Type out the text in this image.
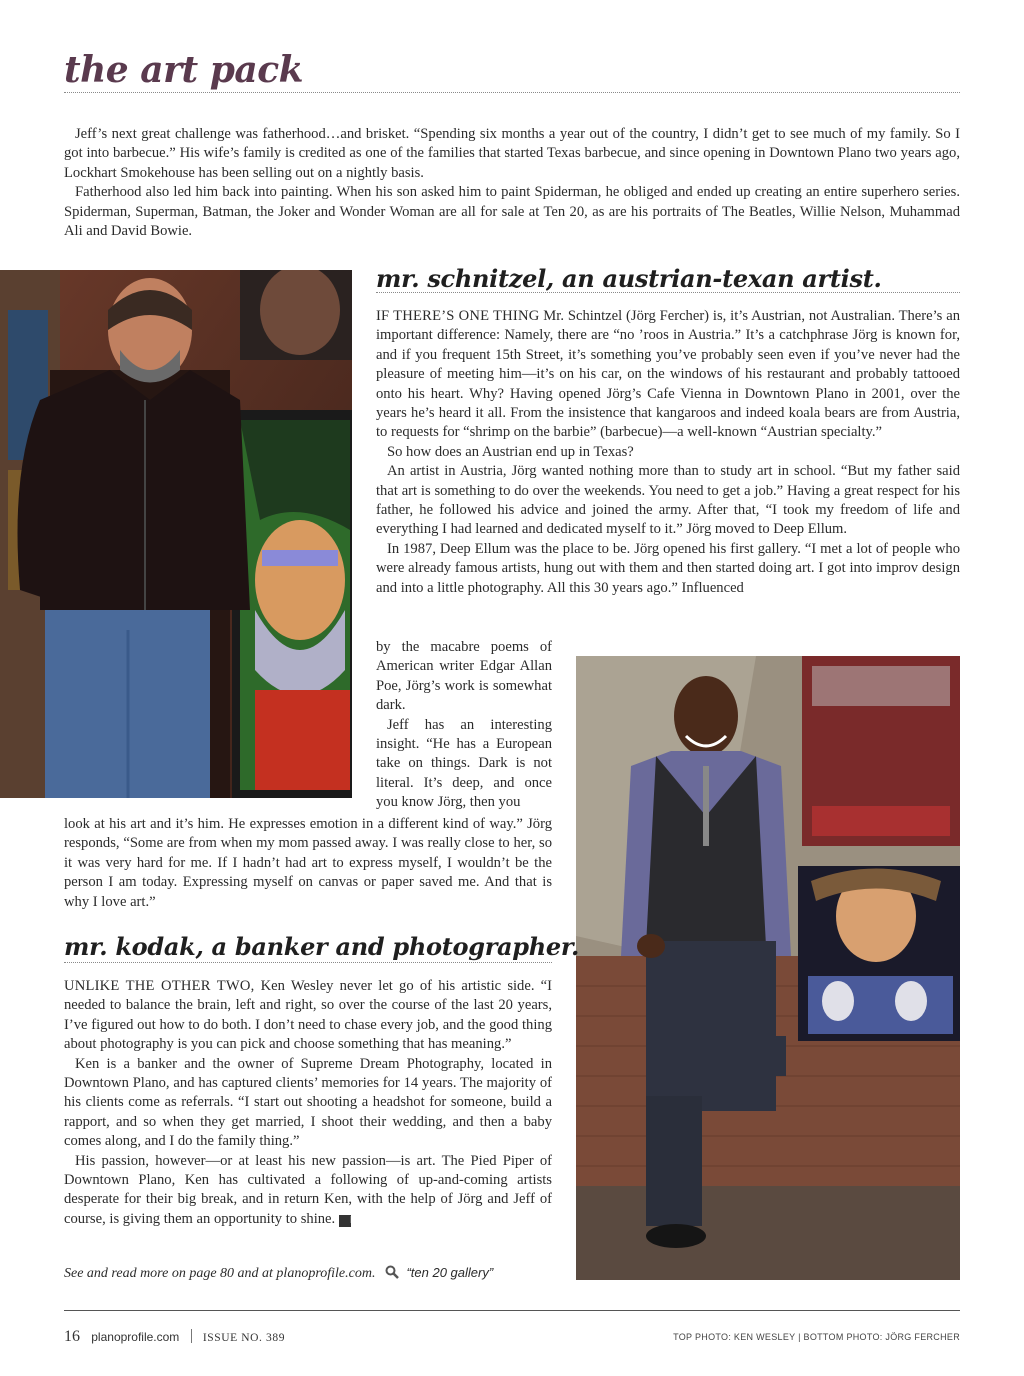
the art pack

Jeff’s next great challenge was fatherhood…and brisket. “Spending six months a year out of the country, I didn’t get to see much of my family. So I got into barbecue.” His wife’s family is credited as one of the families that started Texas barbecue, and since opening in Downtown Plano two years ago, Lockhart Smokehouse has been selling out on a nightly basis.

Fatherhood also led him back into painting. When his son asked him to paint Spiderman, he obliged and ended up creating an entire superhero series. Spiderman, Superman, Batman, the Joker and Wonder Woman are all for sale at Ten 20, as are his portraits of The Beatles, Willie Nelson, Muhammad Ali and David Bowie.

mr. schnitzel, an austrian-texan artist.

IF THERE’S ONE THING Mr. Schintzel (Jörg Fercher) is, it’s Austrian, not Australian. There’s an important difference: Namely, there are “no ’roos in Austria.” It’s a catchphrase Jörg is known for, and if you frequent 15th Street, it’s something you’ve probably seen even if you’ve never had the pleasure of meeting him—it’s on his car, on the windows of his restaurant and probably tattooed onto his heart. Why? Having opened Jörg’s Cafe Vienna in Downtown Plano in 2001, over the years he’s heard it all. From the insistence that kangaroos and indeed koala bears are from Austria, to requests for “shrimp on the barbie” (barbecue)—a well-known “Austrian specialty.”

So how does an Austrian end up in Texas?

An artist in Austria, Jörg wanted nothing more than to study art in school. “But my father said that art is something to do over the weekends. You need to get a job.” Having a great respect for his father, he followed his advice and joined the army. After that, “I took my freedom of life and everything I had learned and dedicated myself to it.” Jörg moved to Deep Ellum.

In 1987, Deep Ellum was the place to be. Jörg opened his first gallery. “I met a lot of people who were already famous artists, hung out with them and then started doing art. I got into improv design and into a little photography. All this 30 years ago.” Influenced

by the macabre poems of American writer Edgar Allan Poe, Jörg’s work is somewhat dark.

Jeff has an interesting insight. “He has a European take on things. Dark is not literal. It’s deep, and once you know Jörg, then you

look at his art and it’s him. He expresses emotion in a different kind of way.” Jörg responds, “Some are from when my mom passed away. I was really close to her, so it was very hard for me. If I hadn’t had art to express myself, I wouldn’t be the person I am today. Expressing myself on canvas or paper saved me. And that is why I love art.”

mr. kodak, a banker and photographer.

UNLIKE THE OTHER TWO, Ken Wesley never let go of his artistic side. “I needed to balance the brain, left and right, so over the course of the last 20 years, I’ve figured out how to do both. I don’t need to chase every job, and the good thing about photography is you can pick and choose something that has meaning.”

Ken is a banker and the owner of Supreme Dream Photography, located in Downtown Plano, and has captured clients’ memories for 14 years. The majority of his clients come as referrals. “I start out shooting a headshot for someone, build a rapport, and so when they get married, I shoot their wedding, and then a baby comes along, and I do the family thing.”

His passion, however—or at least his new passion—is art. The Pied Piper of Downtown Plano, Ken has cultivated a following of up-and-coming artists desperate for their big break, and in return Ken, with the help of Jörg and Jeff of course, is giving them an opportunity to shine. P

See and read more on page 80 and at planoprofile.com. “ten 20 gallery”
16 planoprofile.com ISSUE NO. 389	TOP PHOTO: KEN WESLEY | BOTTOM PHOTO: JÖRG FERCHER
